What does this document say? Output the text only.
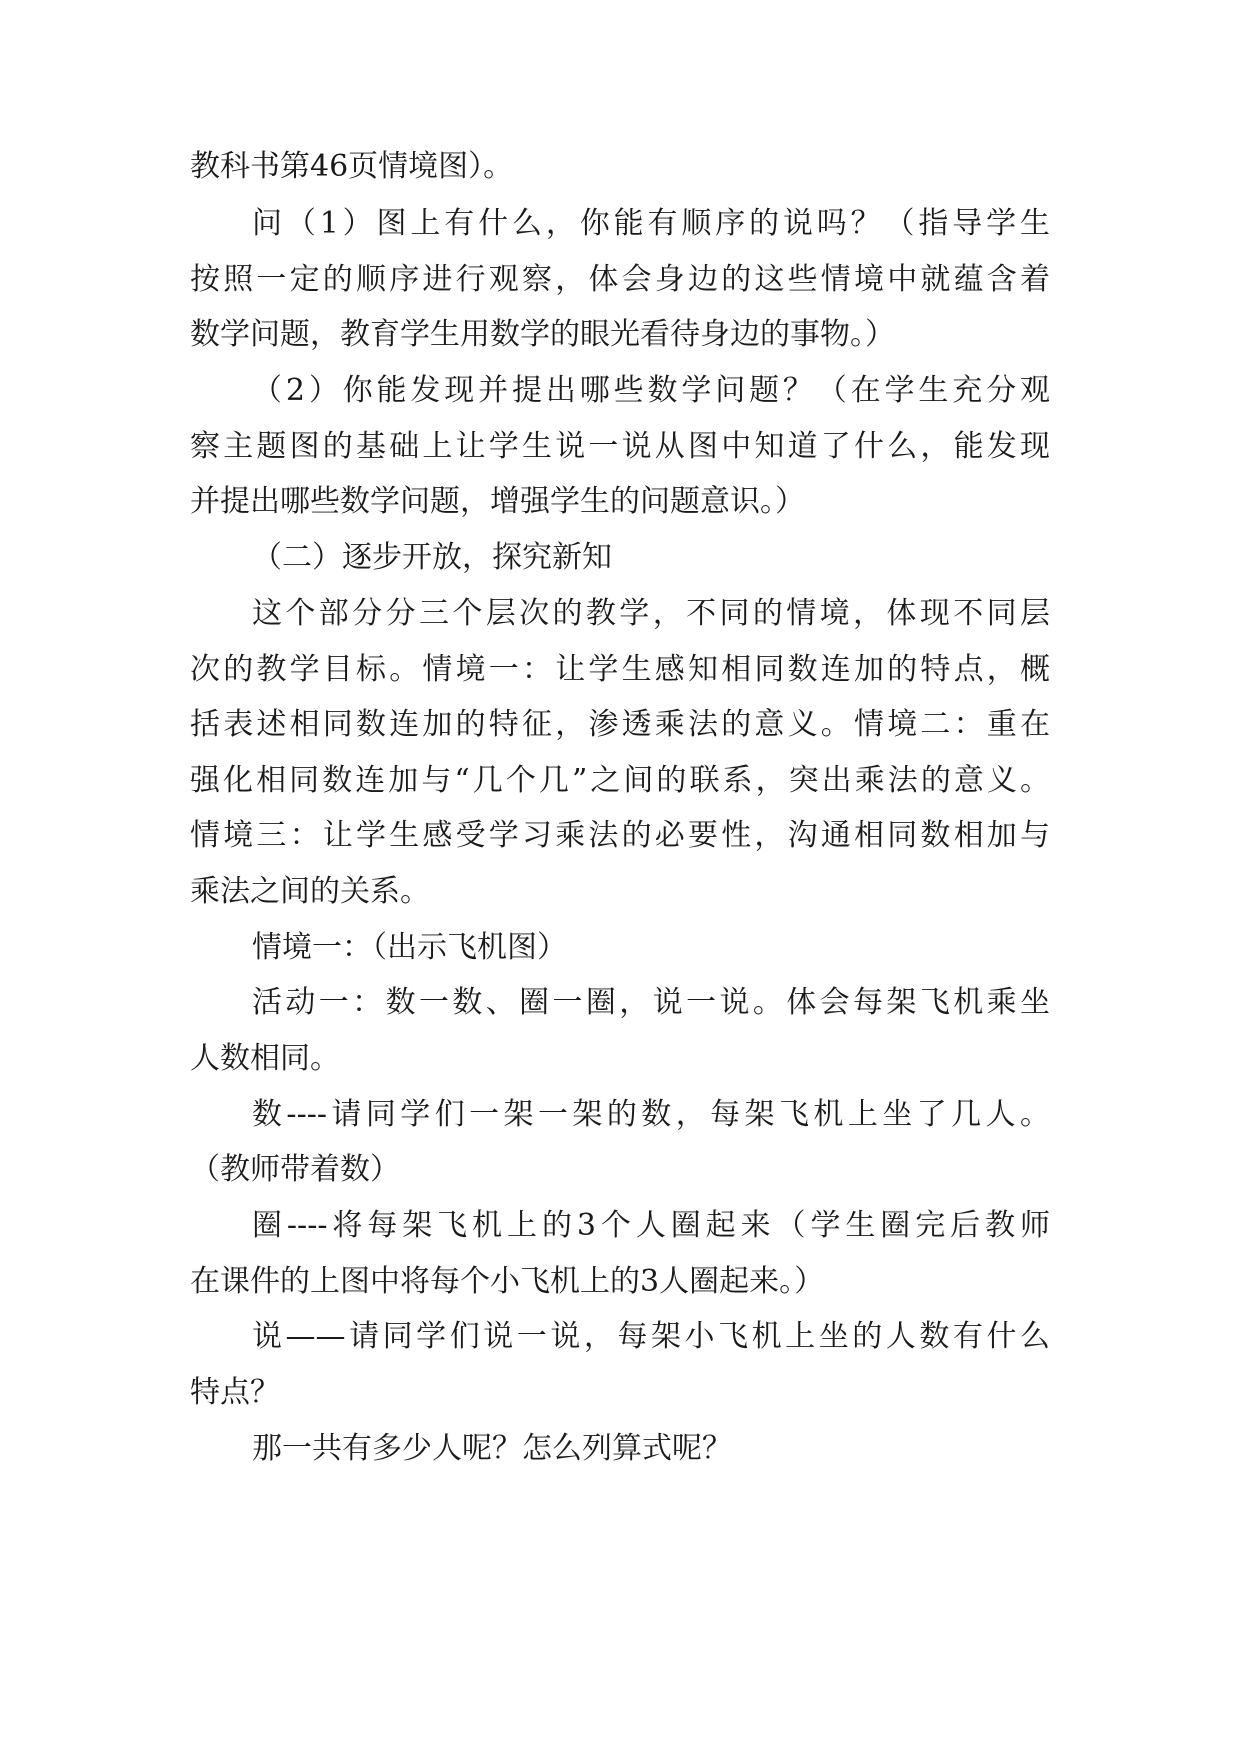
教科书第46页情境图）。
问（1）图上有什么，你能有顺序的说吗？（指导学生
按照一定的顺序进行观察，体会身边的这些情境中就蕴含着
数学问题，教育学生用数学的眼光看待身边的事物。）
（2）你能发现并提出哪些数学问题？（在学生充分观
察主题图的基础上让学生说一说从图中知道了什么，能发现
并提出哪些数学问题，增强学生的问题意识。）
（二）逐步开放，探究新知
这个部分分三个层次的教学，不同的情境，体现不同层
次的教学目标。情境一：让学生感知相同数连加的特点，概
括表述相同数连加的特征，渗透乘法的意义。情境二：重在
强化相同数连加与“几个几”之间的联系，突出乘法的意义。
情境三：让学生感受学习乘法的必要性，沟通相同数相加与
乘法之间的关系。
情境一：（出示飞机图）
活动一：数一数、圈一圈，说一说。体会每架飞机乘坐
人数相同。
数----请同学们一架一架的数，每架飞机上坐了几人。
（教师带着数）
圈----将每架飞机上的3个人圈起来（学生圈完后教师
在课件的上图中将每个小飞机上的3人圈起来。）
说——请同学们说一说，每架小飞机上坐的人数有什么
特点？
那一共有多少人呢？怎么列算式呢？
